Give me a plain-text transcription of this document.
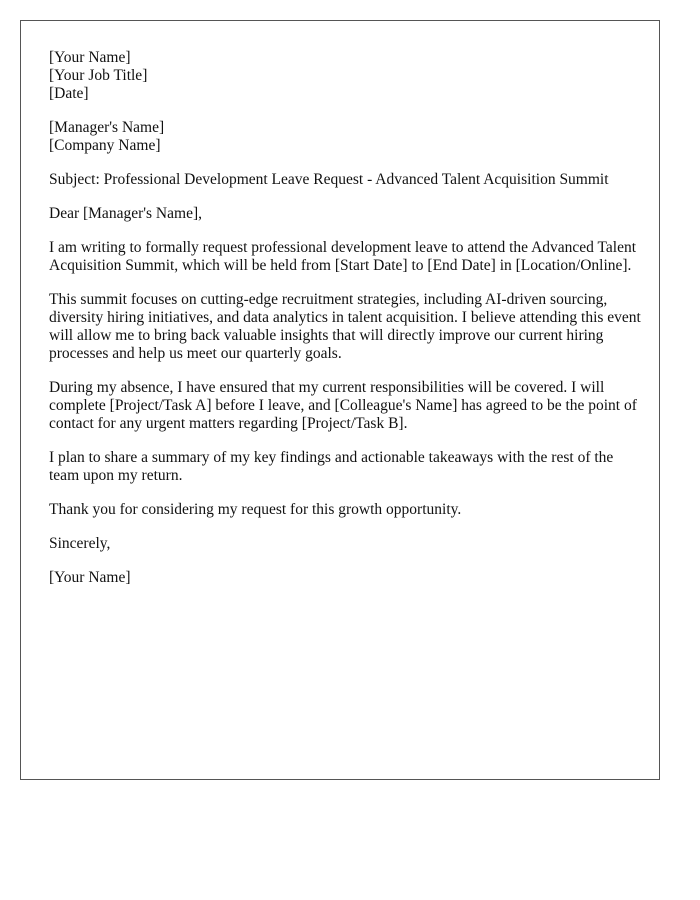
[Your Name]

[Your Job Title]

[Date]

[Manager's Name]

[Company Name]

Subject: Professional Development Leave Request - Advanced Talent Acquisition Summit

Dear [Manager's Name],

I am writing to formally request professional development leave to attend the Advanced Talent Acquisition Summit, which will be held from [Start Date] to [End Date] in [Location/Online].

This summit focuses on cutting-edge recruitment strategies, including AI-driven sourcing, diversity hiring initiatives, and data analytics in talent acquisition. I believe attending this event will allow me to bring back valuable insights that will directly improve our current hiring processes and help us meet our quarterly goals.

During my absence, I have ensured that my current responsibilities will be covered. I will complete [Project/Task A] before I leave, and [Colleague's Name] has agreed to be the point of contact for any urgent matters regarding [Project/Task B].

I plan to share a summary of my key findings and actionable takeaways with the rest of the team upon my return.

Thank you for considering my request for this growth opportunity.

Sincerely,

[Your Name]
